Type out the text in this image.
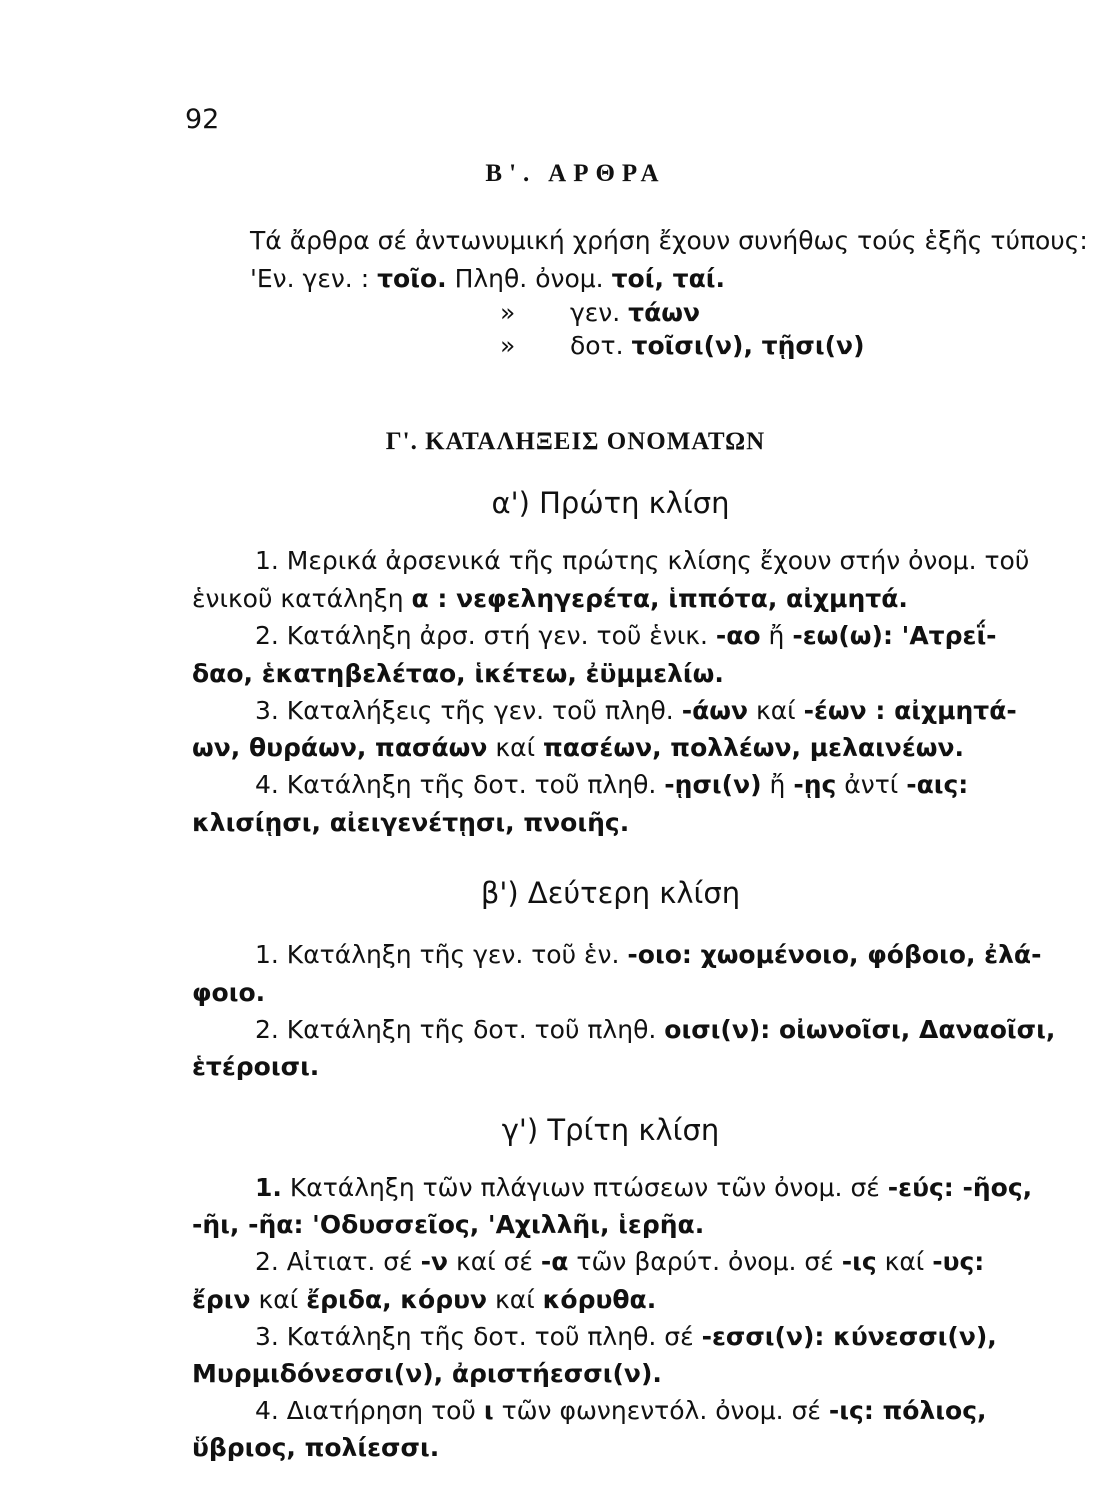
92
Β'. ΑΡΘΡΑ
Τά ἄρθρα σέ ἀντωνυμική χρήση ἔχουν συνήθως τούς ἑξῆς τύπους:
'Εν. γεν. : τοῖο. Πληθ. ὀνομ. τοί, ταί.
» γεν. τάων
» δοτ. τοῖσι(ν), τῇσι(ν)
Γ'. ΚΑΤΑΛΗΞΕΙΣ ΟΝΟΜΑΤΩΝ
α') Πρώτη κλίση
1. Μερικά ἀρσενικά τῆς πρώτης κλίσης ἔχουν στήν ὀνομ. τοῦ
ἑνικοῦ κατάληξη α : νεφεληγερέτα, ἱππότα, αἰχμητά.
2. Κατάληξη ἀρσ. στή γεν. τοῦ ἑνικ. -αο ἤ -εω(ω): 'Ατρεΐ-
δαο, ἑκατηβελέταο, ἱκέτεω, ἐϋμμελίω.
3. Καταλήξεις τῆς γεν. τοῦ πληθ. -άων καί -έων : αἰχμητά-
ων, θυράων, πασάων καί πασέων, πολλέων, μελαινέων.
4. Κατάληξη τῆς δοτ. τοῦ πληθ. -ῃσι(ν) ἤ -ῃς ἀντί -αις:
κλισίῃσι, αἰειγενέτῃσι, πνοιῆς.
β') Δεύτερη κλίση
1. Κατάληξη τῆς γεν. τοῦ ἑν. -οιο: χωομένοιο, φόβοιο, ἐλά-
φοιο.
2. Κατάληξη τῆς δοτ. τοῦ πληθ. οισι(ν): οἰωνοῖσι, Δαναοῖσι,
ἑτέροισι.
γ') Τρίτη κλίση
1. Κατάληξη τῶν πλάγιων πτώσεων τῶν ὀνομ. σέ -εύς: -ῆος,
-ῆι, -ῆα: 'Οδυσσεῖος, 'Αχιλλῆι, ἱερῆα.
2. Αἰτιατ. σέ -ν καί σέ -α τῶν βαρύτ. ὀνομ. σέ -ις καί -υς:
ἔριν καί ἔριδα, κόρυν καί κόρυθα.
3. Κατάληξη τῆς δοτ. τοῦ πληθ. σέ -εσσι(ν): κύνεσσι(ν),
Μυρμιδόνεσσι(ν), ἀριστήεσσι(ν).
4. Διατήρηση τοῦ ι τῶν φωνηεντόλ. ὀνομ. σέ -ις: πόλιος,
ὕβριος, πολίεσσι.
